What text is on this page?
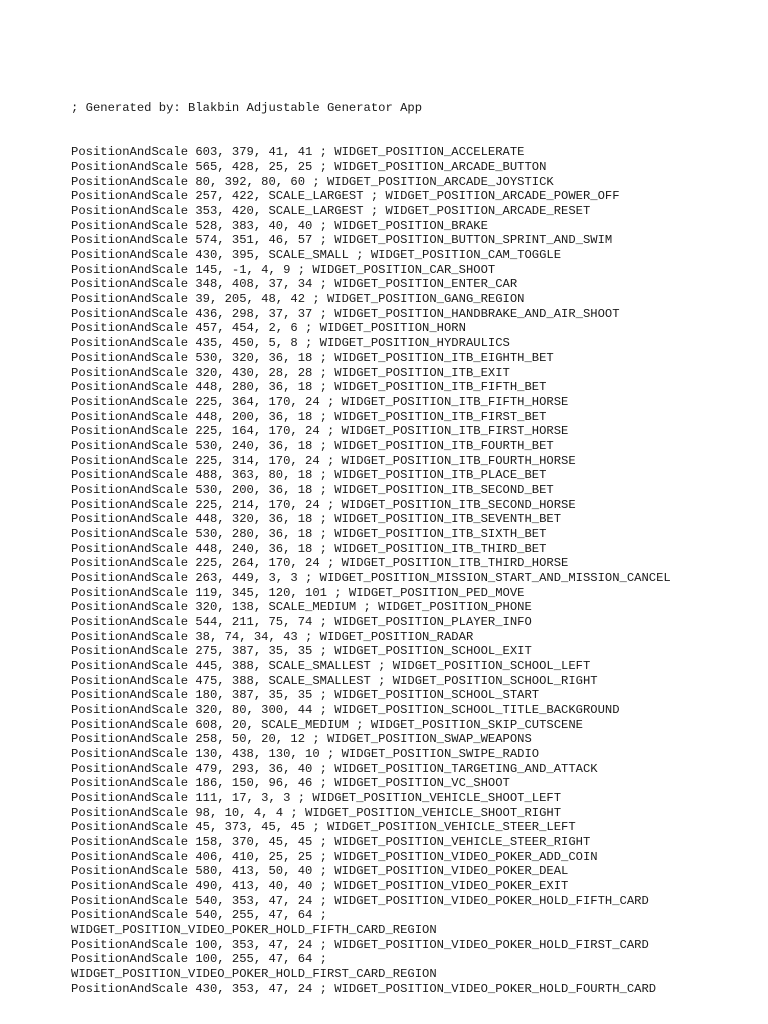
; Generated by: Blakbin Adjustable Generator App

PositionAndScale 603, 379, 41, 41 ; WIDGET_POSITION_ACCELERATE
PositionAndScale 565, 428, 25, 25 ; WIDGET_POSITION_ARCADE_BUTTON
PositionAndScale 80, 392, 80, 60 ; WIDGET_POSITION_ARCADE_JOYSTICK
PositionAndScale 257, 422, SCALE_LARGEST ; WIDGET_POSITION_ARCADE_POWER_OFF
PositionAndScale 353, 420, SCALE_LARGEST ; WIDGET_POSITION_ARCADE_RESET
PositionAndScale 528, 383, 40, 40 ; WIDGET_POSITION_BRAKE
PositionAndScale 574, 351, 46, 57 ; WIDGET_POSITION_BUTTON_SPRINT_AND_SWIM
PositionAndScale 430, 395, SCALE_SMALL ; WIDGET_POSITION_CAM_TOGGLE
PositionAndScale 145, -1, 4, 9 ; WIDGET_POSITION_CAR_SHOOT
PositionAndScale 348, 408, 37, 34 ; WIDGET_POSITION_ENTER_CAR
PositionAndScale 39, 205, 48, 42 ; WIDGET_POSITION_GANG_REGION
PositionAndScale 436, 298, 37, 37 ; WIDGET_POSITION_HANDBRAKE_AND_AIR_SHOOT
PositionAndScale 457, 454, 2, 6 ; WIDGET_POSITION_HORN
PositionAndScale 435, 450, 5, 8 ; WIDGET_POSITION_HYDRAULICS
PositionAndScale 530, 320, 36, 18 ; WIDGET_POSITION_ITB_EIGHTH_BET
PositionAndScale 320, 430, 28, 28 ; WIDGET_POSITION_ITB_EXIT
PositionAndScale 448, 280, 36, 18 ; WIDGET_POSITION_ITB_FIFTH_BET
PositionAndScale 225, 364, 170, 24 ; WIDGET_POSITION_ITB_FIFTH_HORSE
PositionAndScale 448, 200, 36, 18 ; WIDGET_POSITION_ITB_FIRST_BET
PositionAndScale 225, 164, 170, 24 ; WIDGET_POSITION_ITB_FIRST_HORSE
PositionAndScale 530, 240, 36, 18 ; WIDGET_POSITION_ITB_FOURTH_BET
PositionAndScale 225, 314, 170, 24 ; WIDGET_POSITION_ITB_FOURTH_HORSE
PositionAndScale 488, 363, 80, 18 ; WIDGET_POSITION_ITB_PLACE_BET
PositionAndScale 530, 200, 36, 18 ; WIDGET_POSITION_ITB_SECOND_BET
PositionAndScale 225, 214, 170, 24 ; WIDGET_POSITION_ITB_SECOND_HORSE
PositionAndScale 448, 320, 36, 18 ; WIDGET_POSITION_ITB_SEVENTH_BET
PositionAndScale 530, 280, 36, 18 ; WIDGET_POSITION_ITB_SIXTH_BET
PositionAndScale 448, 240, 36, 18 ; WIDGET_POSITION_ITB_THIRD_BET
PositionAndScale 225, 264, 170, 24 ; WIDGET_POSITION_ITB_THIRD_HORSE
PositionAndScale 263, 449, 3, 3 ; WIDGET_POSITION_MISSION_START_AND_MISSION_CANCEL
PositionAndScale 119, 345, 120, 101 ; WIDGET_POSITION_PED_MOVE
PositionAndScale 320, 138, SCALE_MEDIUM ; WIDGET_POSITION_PHONE
PositionAndScale 544, 211, 75, 74 ; WIDGET_POSITION_PLAYER_INFO
PositionAndScale 38, 74, 34, 43 ; WIDGET_POSITION_RADAR
PositionAndScale 275, 387, 35, 35 ; WIDGET_POSITION_SCHOOL_EXIT
PositionAndScale 445, 388, SCALE_SMALLEST ; WIDGET_POSITION_SCHOOL_LEFT
PositionAndScale 475, 388, SCALE_SMALLEST ; WIDGET_POSITION_SCHOOL_RIGHT
PositionAndScale 180, 387, 35, 35 ; WIDGET_POSITION_SCHOOL_START
PositionAndScale 320, 80, 300, 44 ; WIDGET_POSITION_SCHOOL_TITLE_BACKGROUND
PositionAndScale 608, 20, SCALE_MEDIUM ; WIDGET_POSITION_SKIP_CUTSCENE
PositionAndScale 258, 50, 20, 12 ; WIDGET_POSITION_SWAP_WEAPONS
PositionAndScale 130, 438, 130, 10 ; WIDGET_POSITION_SWIPE_RADIO
PositionAndScale 479, 293, 36, 40 ; WIDGET_POSITION_TARGETING_AND_ATTACK
PositionAndScale 186, 150, 96, 46 ; WIDGET_POSITION_VC_SHOOT
PositionAndScale 111, 17, 3, 3 ; WIDGET_POSITION_VEHICLE_SHOOT_LEFT
PositionAndScale 98, 10, 4, 4 ; WIDGET_POSITION_VEHICLE_SHOOT_RIGHT
PositionAndScale 45, 373, 45, 45 ; WIDGET_POSITION_VEHICLE_STEER_LEFT
PositionAndScale 158, 370, 45, 45 ; WIDGET_POSITION_VEHICLE_STEER_RIGHT
PositionAndScale 406, 410, 25, 25 ; WIDGET_POSITION_VIDEO_POKER_ADD_COIN
PositionAndScale 580, 413, 50, 40 ; WIDGET_POSITION_VIDEO_POKER_DEAL
PositionAndScale 490, 413, 40, 40 ; WIDGET_POSITION_VIDEO_POKER_EXIT
PositionAndScale 540, 353, 47, 24 ; WIDGET_POSITION_VIDEO_POKER_HOLD_FIFTH_CARD
PositionAndScale 540, 255, 47, 64 ;
WIDGET_POSITION_VIDEO_POKER_HOLD_FIFTH_CARD_REGION
PositionAndScale 100, 353, 47, 24 ; WIDGET_POSITION_VIDEO_POKER_HOLD_FIRST_CARD
PositionAndScale 100, 255, 47, 64 ;
WIDGET_POSITION_VIDEO_POKER_HOLD_FIRST_CARD_REGION
PositionAndScale 430, 353, 47, 24 ; WIDGET_POSITION_VIDEO_POKER_HOLD_FOURTH_CARD
